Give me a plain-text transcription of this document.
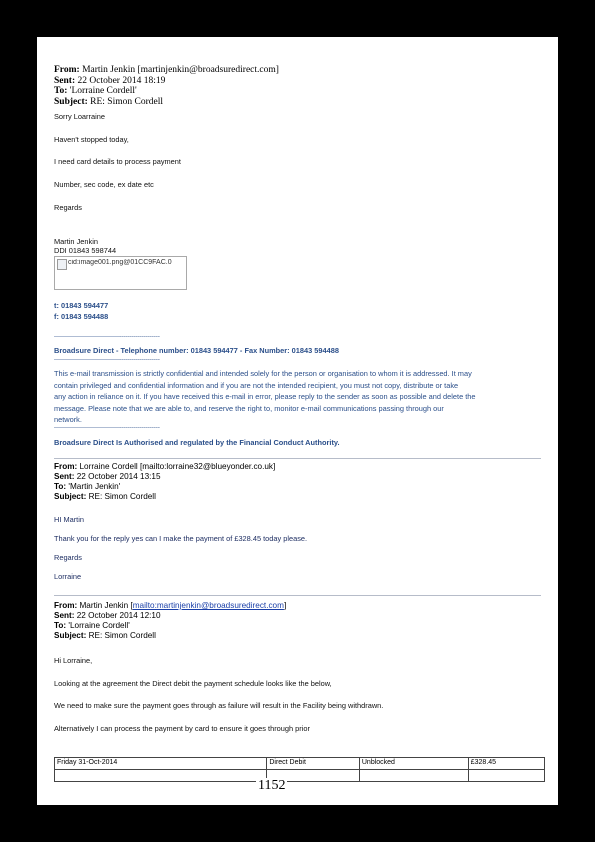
From: Martin Jenkin [martinjenkin@broadsuredirect.com]
Sent: 22 October 2014 18:19
To: 'Lorraine Cordell'
Subject: RE: Simon Cordell
Sorry Loarraine
Haven't stopped today,
I need card details to process payment
Number, sec code, ex date etc
Regards
Martin Jenkin
DDI 01843 598744
cid:image001.png@01CC9FAC.0
t: 01843 594477
f: 01843 594488
-----------------------------------------------------
Broadsure Direct - Telephone number: 01843 594477 - Fax Number: 01843 594488
-----------------------------------------------------
This e-mail transmission is strictly confidential and intended solely for the person or organisation to whom it is addressed. It may
contain privileged and confidential information and if you are not the intended recipient, you must not copy, distribute or take
any action in reliance on it. If you have received this e-mail in error, please reply to the sender as soon as possible and delete the
message. Please note that we are able to, and reserve the right to, monitor e-mail communications passing through our
network.
-----------------------------------------------------
Broadsure Direct Is Authorised and regulated by the Financial Conduct Authority.
From: Lorraine Cordell [mailto:lorraine32@blueyonder.co.uk]
Sent: 22 October 2014 13:15
To: 'Martin Jenkin'
Subject: RE: Simon Cordell
HI Martin
Thank you for the reply yes can I make the payment of £328.45 today please.
Regards
Lorraine
From: Martin Jenkin [mailto:martinjenkin@broadsuredirect.com]
Sent: 22 October 2014 12:10
To: 'Lorraine Cordell'
Subject: RE: Simon Cordell
Hi Lorraine,
Looking at the agreement the Direct debit the payment schedule looks like the below,
We need to make sure the payment goes through as failure will result in the Facility being withdrawn.
Alternatively I can process the payment by card to ensure it goes through prior
Friday 31-Oct-2014	Direct Debit	Unblocked	£328.45

1152
